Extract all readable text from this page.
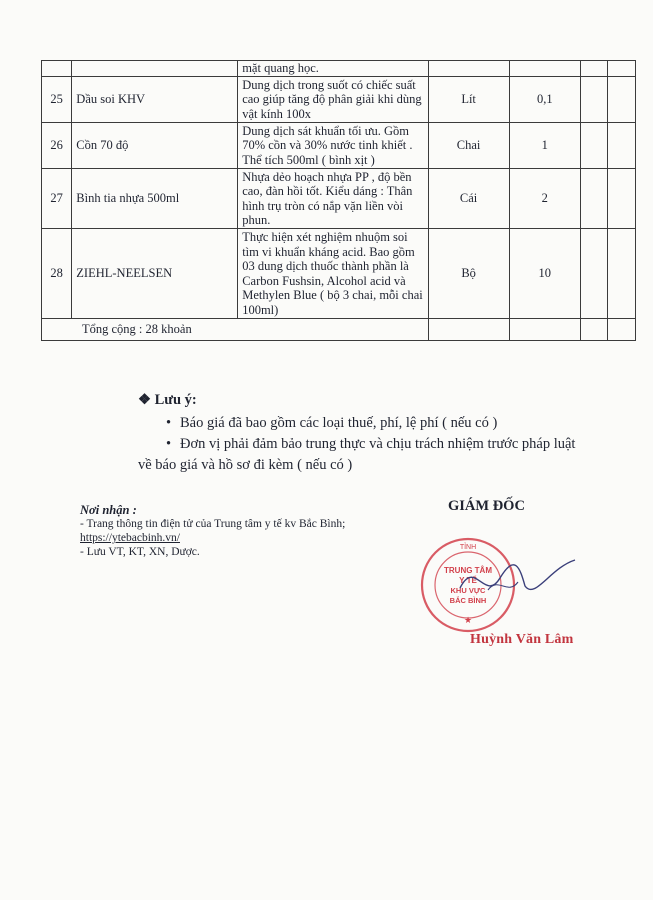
		mặt quang học.				
25	Dầu soi KHV	Dung dịch trong suốt có chiếc suất cao giúp tăng độ phân giải khi dùng vật kính 100x	Lít	0,1		
26	Cồn 70 độ	Dung dịch sát khuẩn tối ưu. Gồm 70% cồn và 30% nước tinh khiết . Thể tích 500ml ( bình xịt )	Chai	1		
27	Bình tia nhựa 500ml	Nhựa dẻo hoạch nhựa PP , độ bền cao, đàn hồi tốt. Kiểu dáng : Thân hình trụ tròn có nắp vặn liền vòi phun.	Cái	2		
28	ZIEHL-NEELSEN	Thực hiện xét nghiệm nhuộm soi tìm vi khuẩn kháng acid. Bao gồm 03 dung dịch thuốc thành phần là Carbon Fushsin, Alcohol acid và Methylen Blue ( bộ 3 chai, mỗi chai 100ml)	Bộ	10		
Tổng cộng : 28 khoản						
❖ Lưu ý:
• Báo giá đã bao gồm các loại thuế, phí, lệ phí ( nếu có )
• Đơn vị phải đảm bảo trung thực và chịu trách nhiệm trước pháp luật
về báo giá và hồ sơ đi kèm ( nếu có )
Nơi nhận :
- Trang thông tin điện tử của Trung tâm y tế kv Bắc Bình;
https://ytebacbinh.vn/
- Lưu VT, KT, XN, Dược.
GIÁM ĐỐC
TỈNH
TRUNG TÂM
Y TẾ
KHU VỰC
BẮC BÌNH
★
Huỳnh Văn Lâm
